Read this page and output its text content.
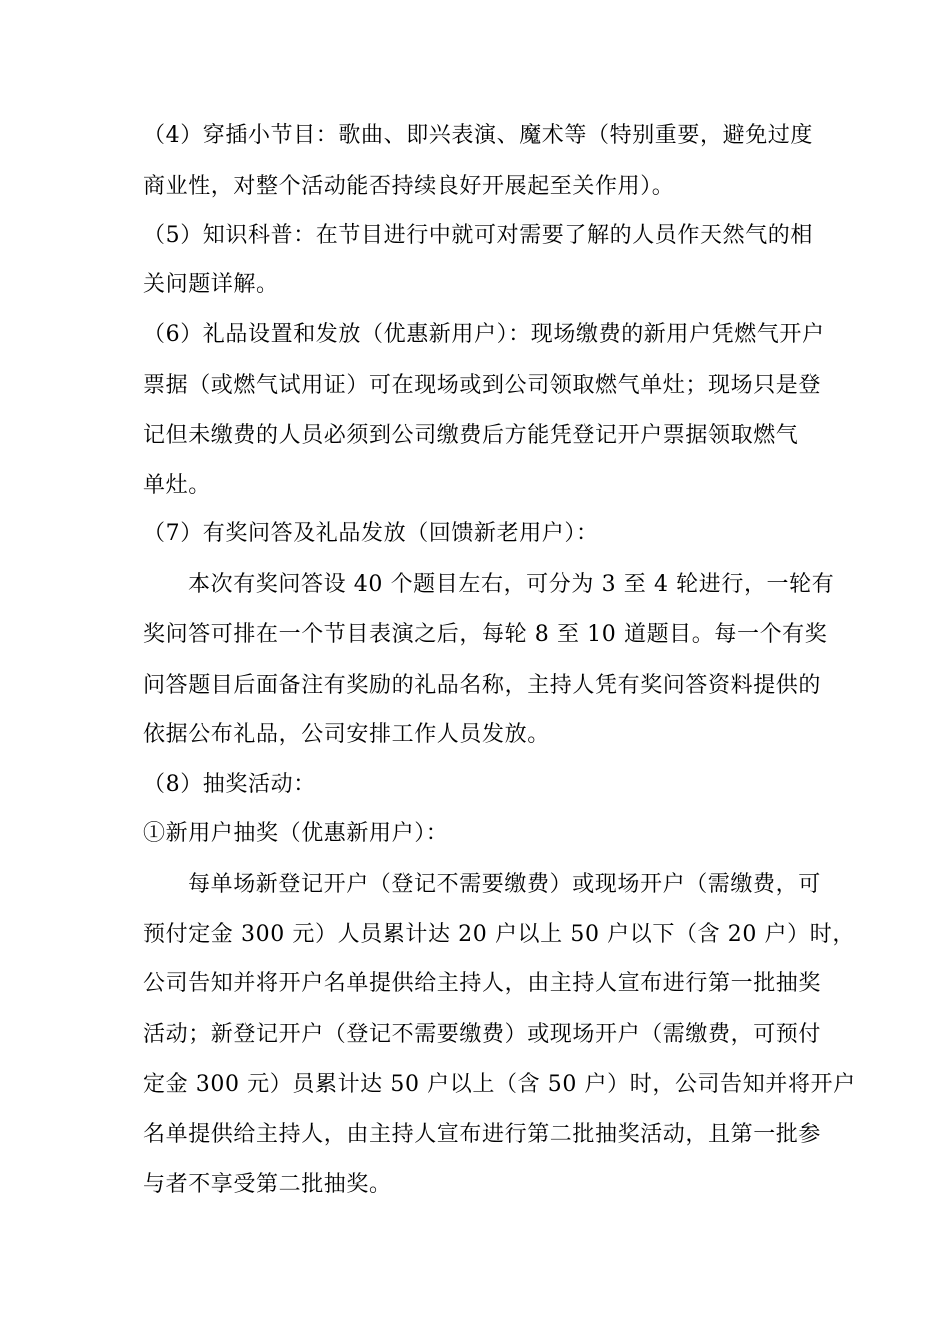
（4）穿插小节目：歌曲、即兴表演、魔术等（特别重要，避免过度
商业性，对整个活动能否持续良好开展起至关作用）。
（5）知识科普：在节目进行中就可对需要了解的人员作天然气的相
关问题详解。
（6）礼品设置和发放（优惠新用户）：现场缴费的新用户凭燃气开户
票据（或燃气试用证）可在现场或到公司领取燃气单灶；现场只是登
记但未缴费的人员必须到公司缴费后方能凭登记开户票据领取燃气
单灶。
（7）有奖问答及礼品发放（回馈新老用户）：
本次有奖问答设 40 个题目左右，可分为 3 至 4 轮进行，一轮有
奖问答可排在一个节目表演之后，每轮 8 至 10 道题目。每一个有奖
问答题目后面备注有奖励的礼品名称，主持人凭有奖问答资料提供的
依据公布礼品，公司安排工作人员发放。
（8）抽奖活动：
①新用户抽奖（优惠新用户）：
每单场新登记开户（登记不需要缴费）或现场开户（需缴费，可
预付定金 300 元）人员累计达 20 户以上 50 户以下（含 20 户）时，
公司告知并将开户名单提供给主持人，由主持人宣布进行第一批抽奖
活动；新登记开户（登记不需要缴费）或现场开户（需缴费，可预付
定金 300 元）员累计达 50 户以上（含 50 户）时，公司告知并将开户
名单提供给主持人，由主持人宣布进行第二批抽奖活动，且第一批参
与者不享受第二批抽奖。
